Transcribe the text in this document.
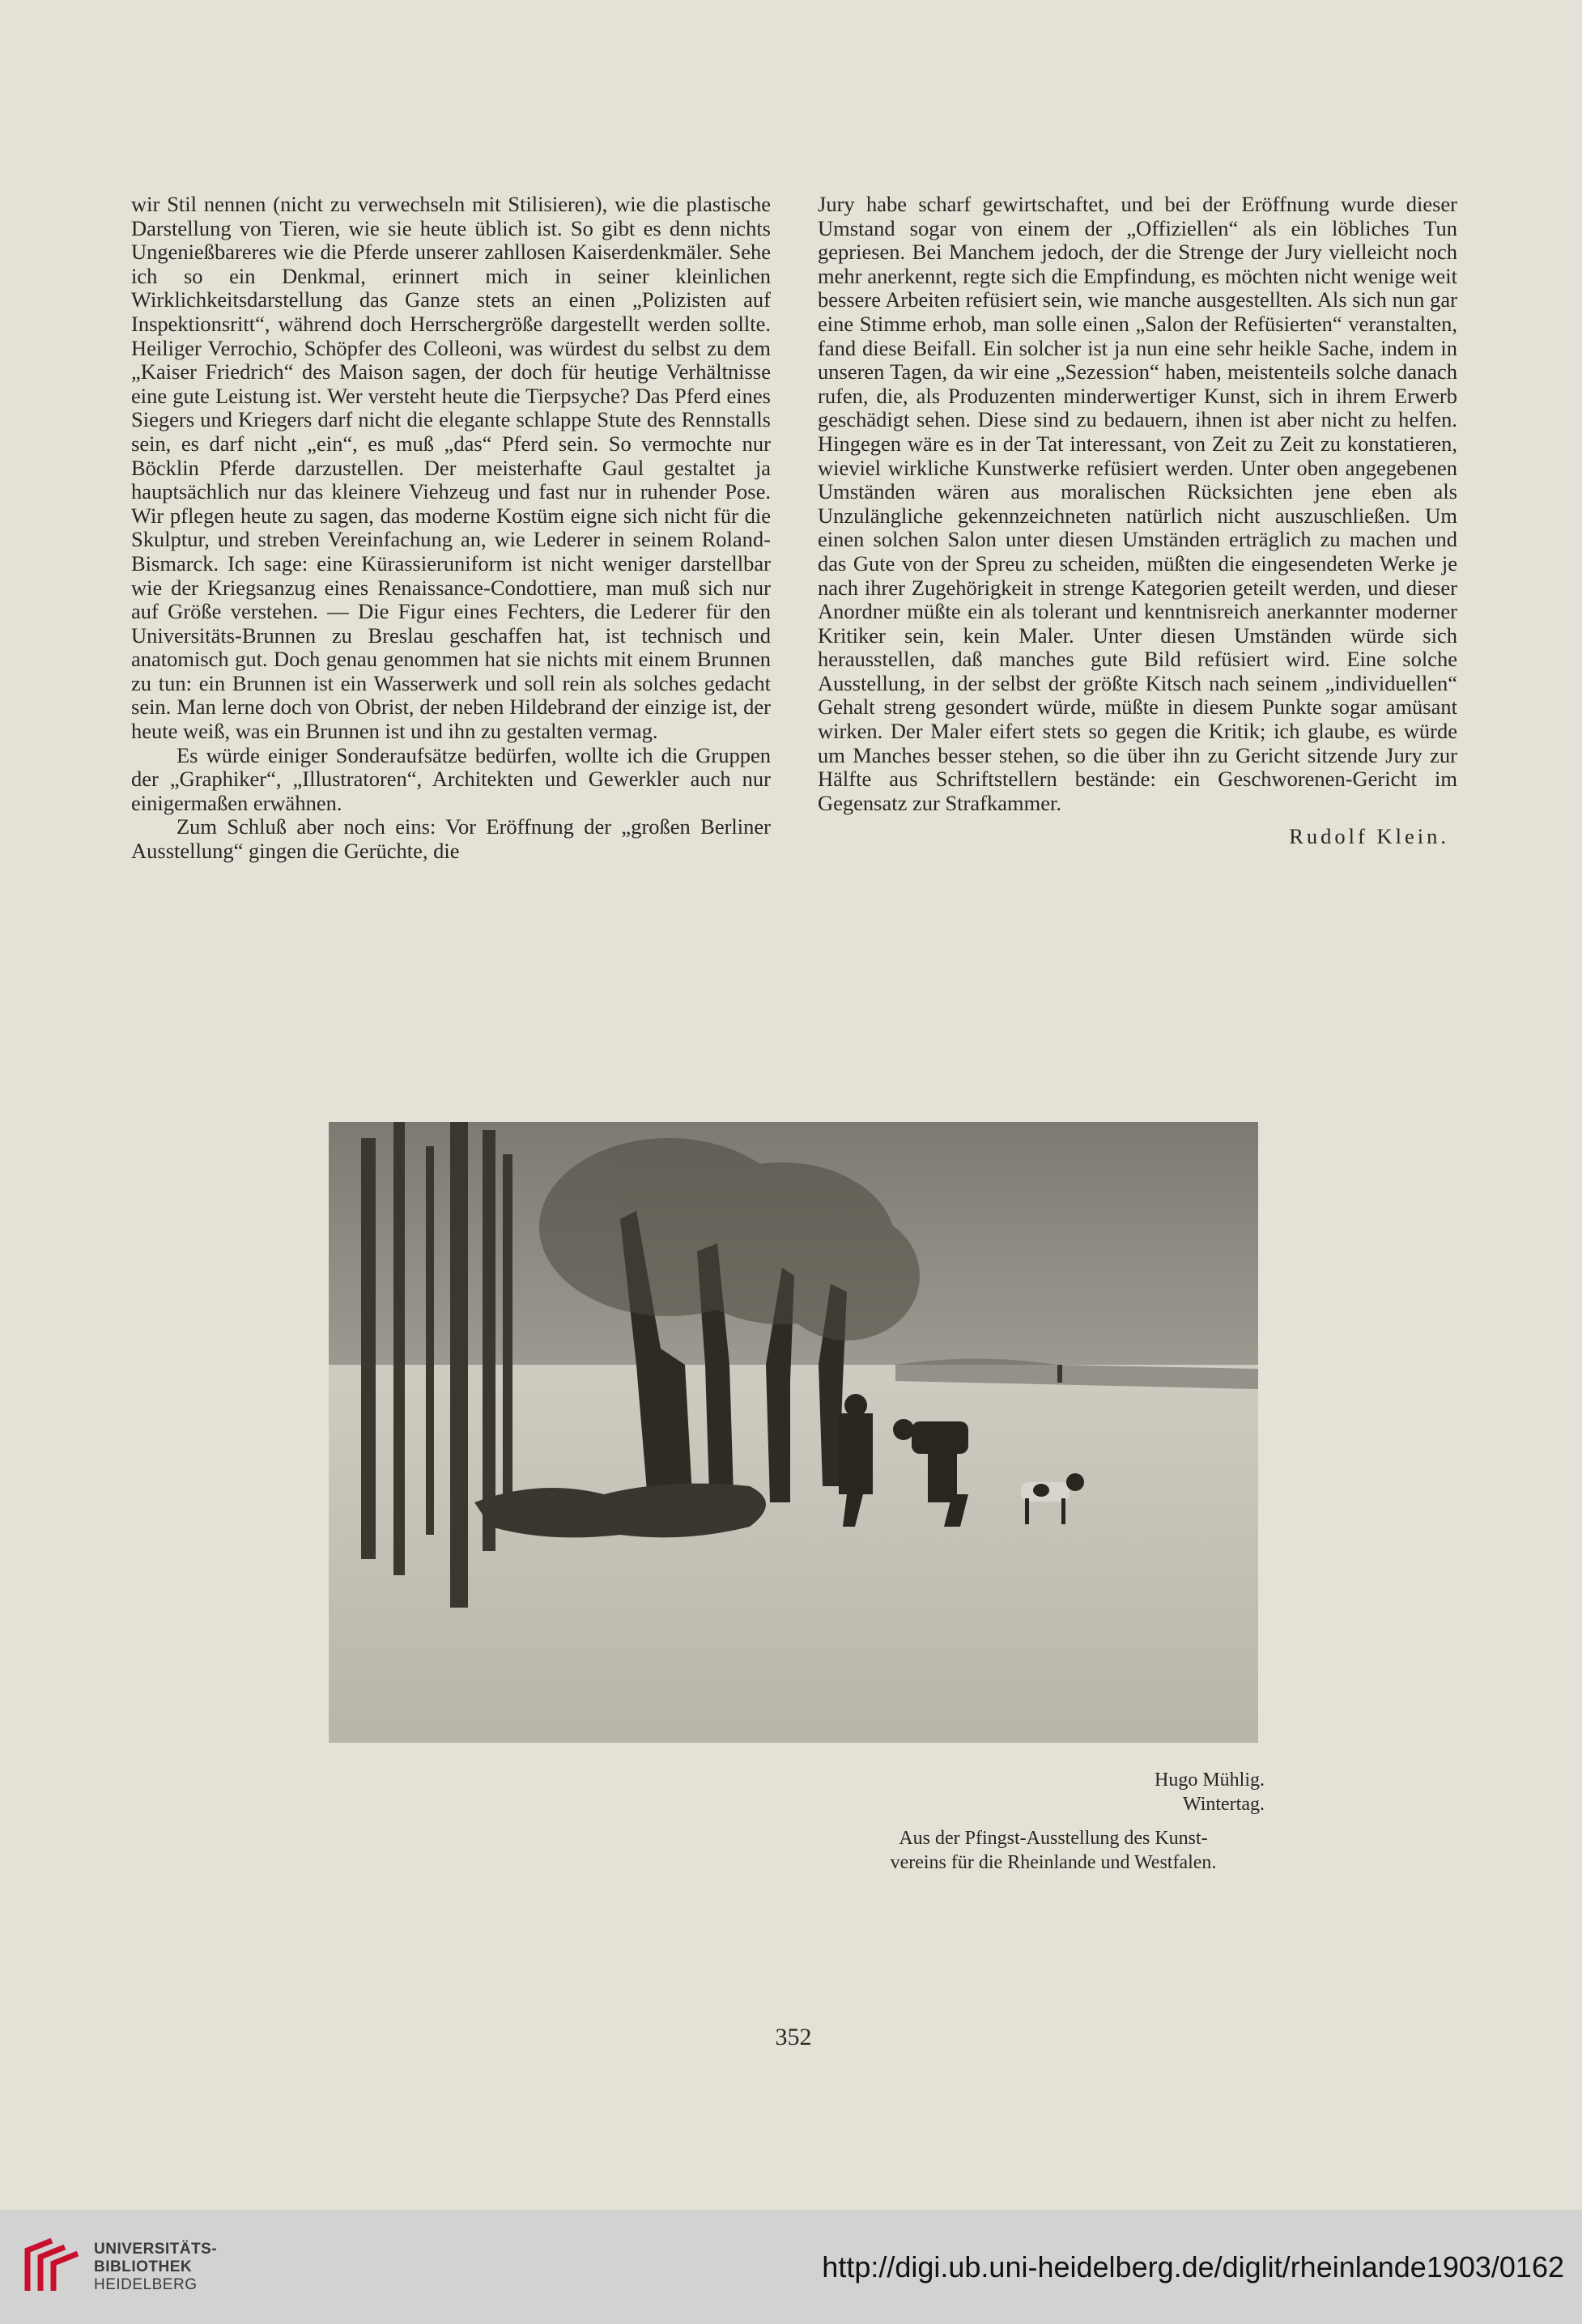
wir Stil nennen (nicht zu verwechseln mit Stilisieren), wie die plastische Darstellung von Tieren, wie sie heute üblich ist. So gibt es denn nichts Ungenießbareres wie die Pferde unserer zahllosen Kaiserdenkmäler. Sehe ich so ein Denkmal, erinnert mich in seiner kleinlichen Wirklichkeitsdarstellung das Ganze stets an einen „Polizisten auf Inspektionsritt“, während doch Herrschergröße dargestellt werden sollte. Heiliger Verrochio, Schöpfer des Colleoni, was würdest du selbst zu dem „Kaiser Friedrich“ des Maison sagen, der doch für heutige Verhältnisse eine gute Leistung ist. Wer versteht heute die Tierpsyche? Das Pferd eines Siegers und Kriegers darf nicht die elegante schlappe Stute des Rennstalls sein, es darf nicht „ein“, es muß „das“ Pferd sein. So vermochte nur Böcklin Pferde darzustellen. Der meisterhafte Gaul gestaltet ja hauptsächlich nur das kleinere Viehzeug und fast nur in ruhender Pose. Wir pflegen heute zu sagen, das moderne Kostüm eigne sich nicht für die Skulptur, und streben Vereinfachung an, wie Lederer in seinem Roland-Bismarck. Ich sage: eine Kürassieruniform ist nicht weniger darstellbar wie der Kriegsanzug eines Renaissance-Condottiere, man muß sich nur auf Größe verstehen. — Die Figur eines Fechters, die Lederer für den Universitäts-Brunnen zu Breslau geschaffen hat, ist technisch und anatomisch gut. Doch genau genommen hat sie nichts mit einem Brunnen zu tun: ein Brunnen ist ein Wasserwerk und soll rein als solches gedacht sein. Man lerne doch von Obrist, der neben Hildebrand der einzige ist, der heute weiß, was ein Brunnen ist und ihn zu gestalten vermag.

Es würde einiger Sonderaufsätze bedürfen, wollte ich die Gruppen der „Graphiker“, „Illustratoren“, Architekten und Gewerkler auch nur einigermaßen erwähnen.

Zum Schluß aber noch eins: Vor Eröffnung der „großen Berliner Ausstellung“ gingen die Gerüchte, die

Jury habe scharf gewirtschaftet, und bei der Eröffnung wurde dieser Umstand sogar von einem der „Offiziellen“ als ein löbliches Tun gepriesen. Bei Manchem jedoch, der die Strenge der Jury vielleicht noch mehr anerkennt, regte sich die Empfindung, es möchten nicht wenige weit bessere Arbeiten refüsiert sein, wie manche ausgestellten. Als sich nun gar eine Stimme erhob, man solle einen „Salon der Refüsierten“ veranstalten, fand diese Beifall. Ein solcher ist ja nun eine sehr heikle Sache, indem in unseren Tagen, da wir eine „Sezession“ haben, meistenteils solche danach rufen, die, als Produzenten minderwertiger Kunst, sich in ihrem Erwerb geschädigt sehen. Diese sind zu bedauern, ihnen ist aber nicht zu helfen. Hingegen wäre es in der Tat interessant, von Zeit zu Zeit zu konstatieren, wieviel wirkliche Kunstwerke refüsiert werden. Unter oben angegebenen Umständen wären aus moralischen Rücksichten jene eben als Unzulängliche gekennzeichneten natürlich nicht auszuschließen. Um einen solchen Salon unter diesen Umständen erträglich zu machen und das Gute von der Spreu zu scheiden, müßten die eingesendeten Werke je nach ihrer Zugehörigkeit in strenge Kategorien geteilt werden, und dieser Anordner müßte ein als tolerant und kenntnisreich anerkannter moderner Kritiker sein, kein Maler. Unter diesen Umständen würde sich herausstellen, daß manches gute Bild refüsiert wird. Eine solche Ausstellung, in der selbst der größte Kitsch nach seinem „individuellen“ Gehalt streng gesondert würde, müßte in diesem Punkte sogar amüsant wirken. Der Maler eifert stets so gegen die Kritik; ich glaube, es würde um Manches besser stehen, so die über ihn zu Gericht sitzende Jury zur Hälfte aus Schriftstellern bestände: ein Geschworenen-Gericht im Gegensatz zur Strafkammer.

Rudolf Klein.
Hugo Mühlig.
Wintertag.
Aus der Pfingst-Ausstellung des Kunst-
vereins für die Rheinlande und Westfalen.
352
UNIVERSITÄTS-
BIBLIOTHEK
HEIDELBERG
http://digi.ub.uni-heidelberg.de/diglit/rheinlande1903/0162
